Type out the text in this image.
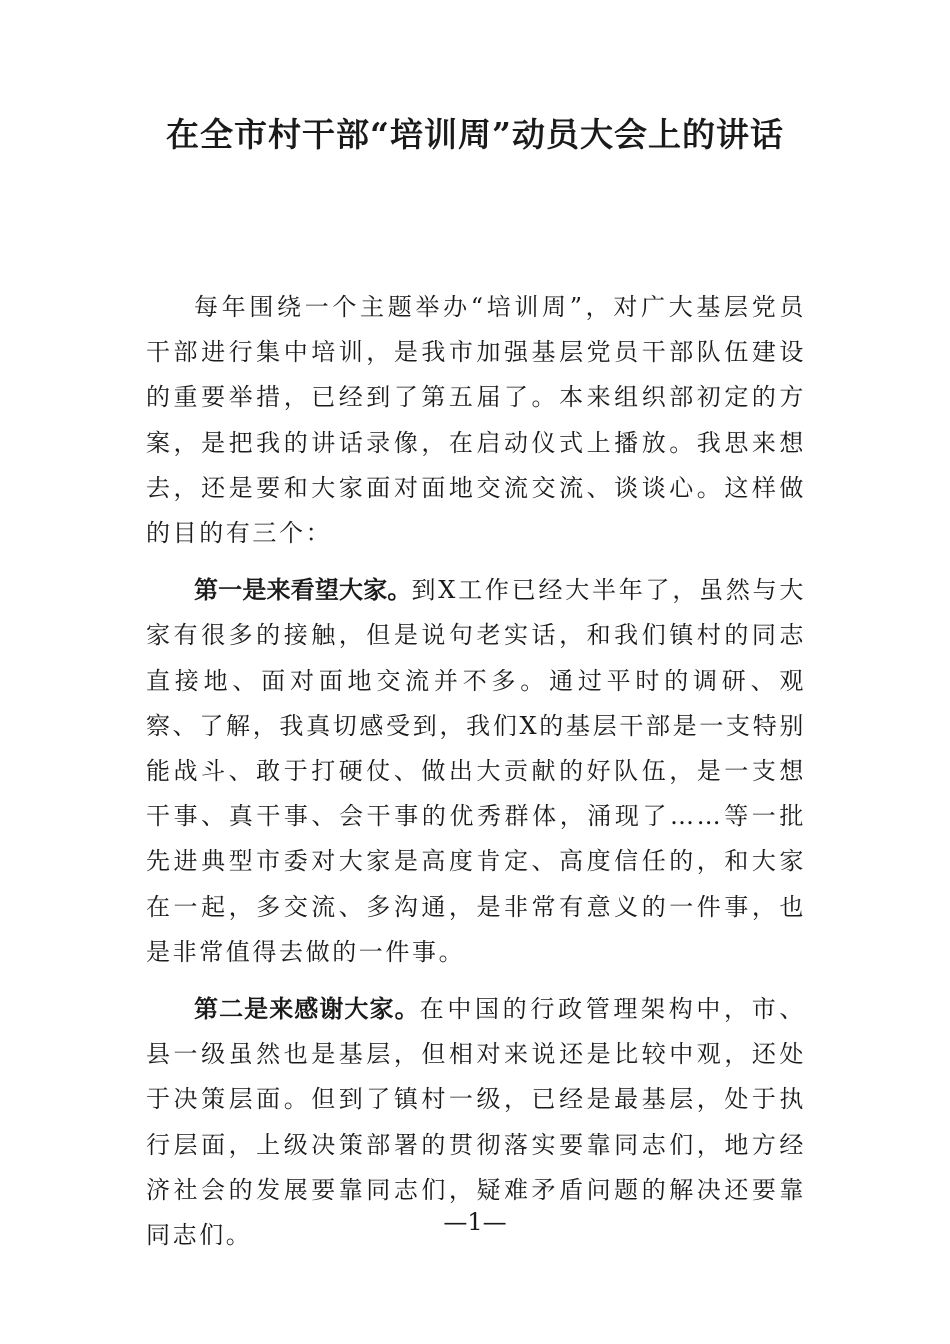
在全市村干部“培训周”动员大会上的讲话

每年围绕一个主题举办“培训周”，对广大基层党员干部进行集中培训，是我市加强基层党员干部队伍建设的重要举措，已经到了第五届了。本来组织部初定的方案，是把我的讲话录像，在启动仪式上播放。我思来想去，还是要和大家面对面地交流交流、谈谈心。这样做的目的有三个：

第一是来看望大家。到X工作已经大半年了，虽然与大家有很多的接触，但是说句老实话，和我们镇村的同志直接地、面对面地交流并不多。通过平时的调研、观察、了解，我真切感受到，我们X的基层干部是一支特别能战斗、敢于打硬仗、做出大贡献的好队伍，是一支想干事、真干事、会干事的优秀群体，涌现了……等一批先进典型市委对大家是高度肯定、高度信任的，和大家在一起，多交流、多沟通，是非常有意义的一件事，也是非常值得去做的一件事。

第二是来感谢大家。在中国的行政管理架构中，市、县一级虽然也是基层，但相对来说还是比较中观，还处于决策层面。但到了镇村一级，已经是最基层，处于执行层面，上级决策部署的贯彻落实要靠同志们，地方经济社会的发展要靠同志们，疑难矛盾问题的解决还要靠同志们。	—1—
